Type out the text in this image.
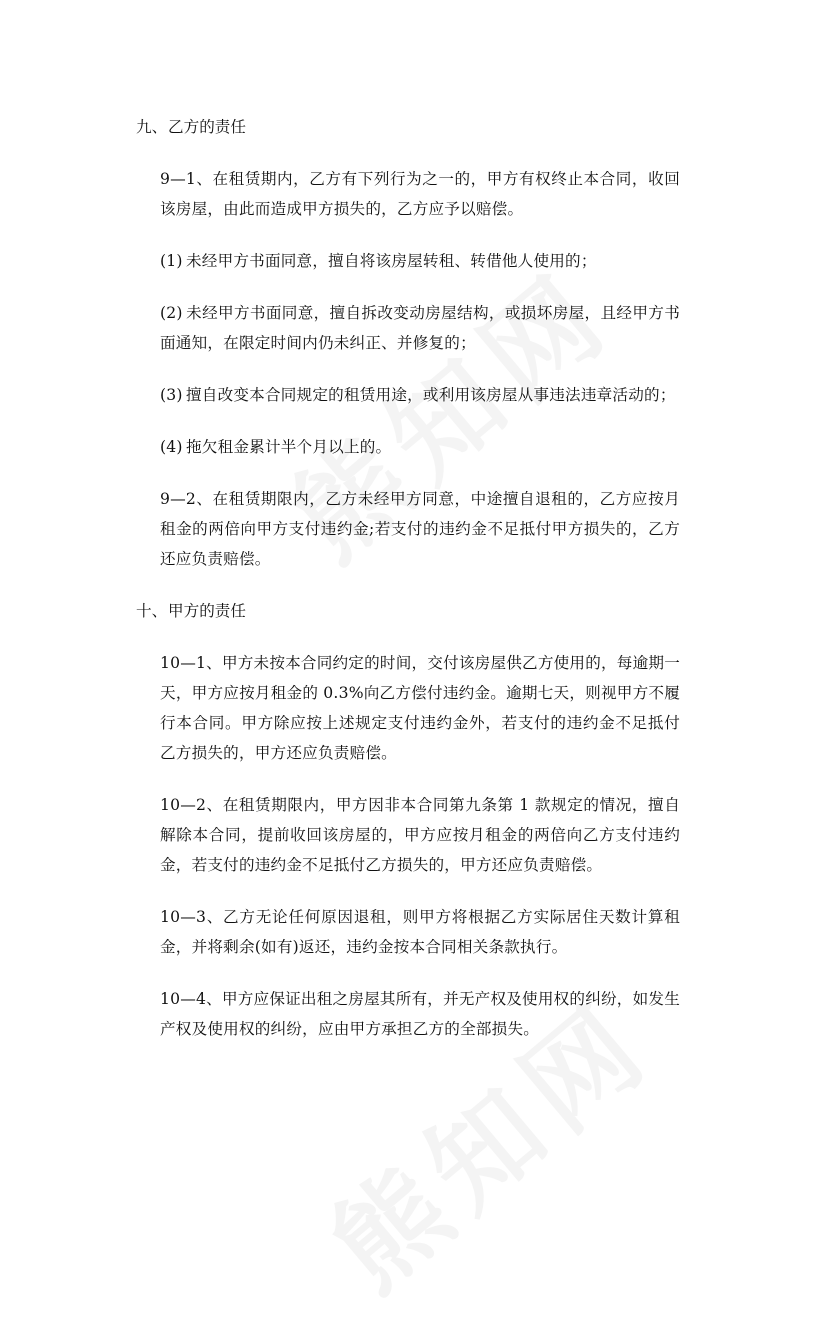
九、乙方的责任

9—1、在租赁期内，乙方有下列行为之一的，甲方有权终止本合同，收回该房屋，由此而造成甲方损失的，乙方应予以赔偿。

(1) 未经甲方书面同意，擅自将该房屋转租、转借他人使用的；

(2) 未经甲方书面同意，擅自拆改变动房屋结构，或损坏房屋，且经甲方书面通知，在限定时间内仍未纠正、并修复的；

(3) 擅自改变本合同规定的租赁用途，或利用该房屋从事违法违章活动的；

(4) 拖欠租金累计半个月以上的。

9—2、在租赁期限内，乙方未经甲方同意，中途擅自退租的，乙方应按月租金的两倍向甲方支付违约金;若支付的违约金不足抵付甲方损失的，乙方还应负责赔偿。

十、甲方的责任

10—1、甲方未按本合同约定的时间，交付该房屋供乙方使用的，每逾期一天，甲方应按月租金的 0.3%向乙方偿付违约金。逾期七天，则视甲方不履行本合同。甲方除应按上述规定支付违约金外，若支付的违约金不足抵付乙方损失的，甲方还应负责赔偿。

10—2、在租赁期限内，甲方因非本合同第九条第 1 款规定的情况，擅自解除本合同，提前收回该房屋的，甲方应按月租金的两倍向乙方支付违约金，若支付的违约金不足抵付乙方损失的，甲方还应负责赔偿。

10—3、乙方无论任何原因退租，则甲方将根据乙方实际居住天数计算租金，并将剩余(如有)返还，违约金按本合同相关条款执行。

10—4、甲方应保证出租之房屋其所有，并无产权及使用权的纠纷，如发生产权及使用权的纠纷，应由甲方承担乙方的全部损失。
